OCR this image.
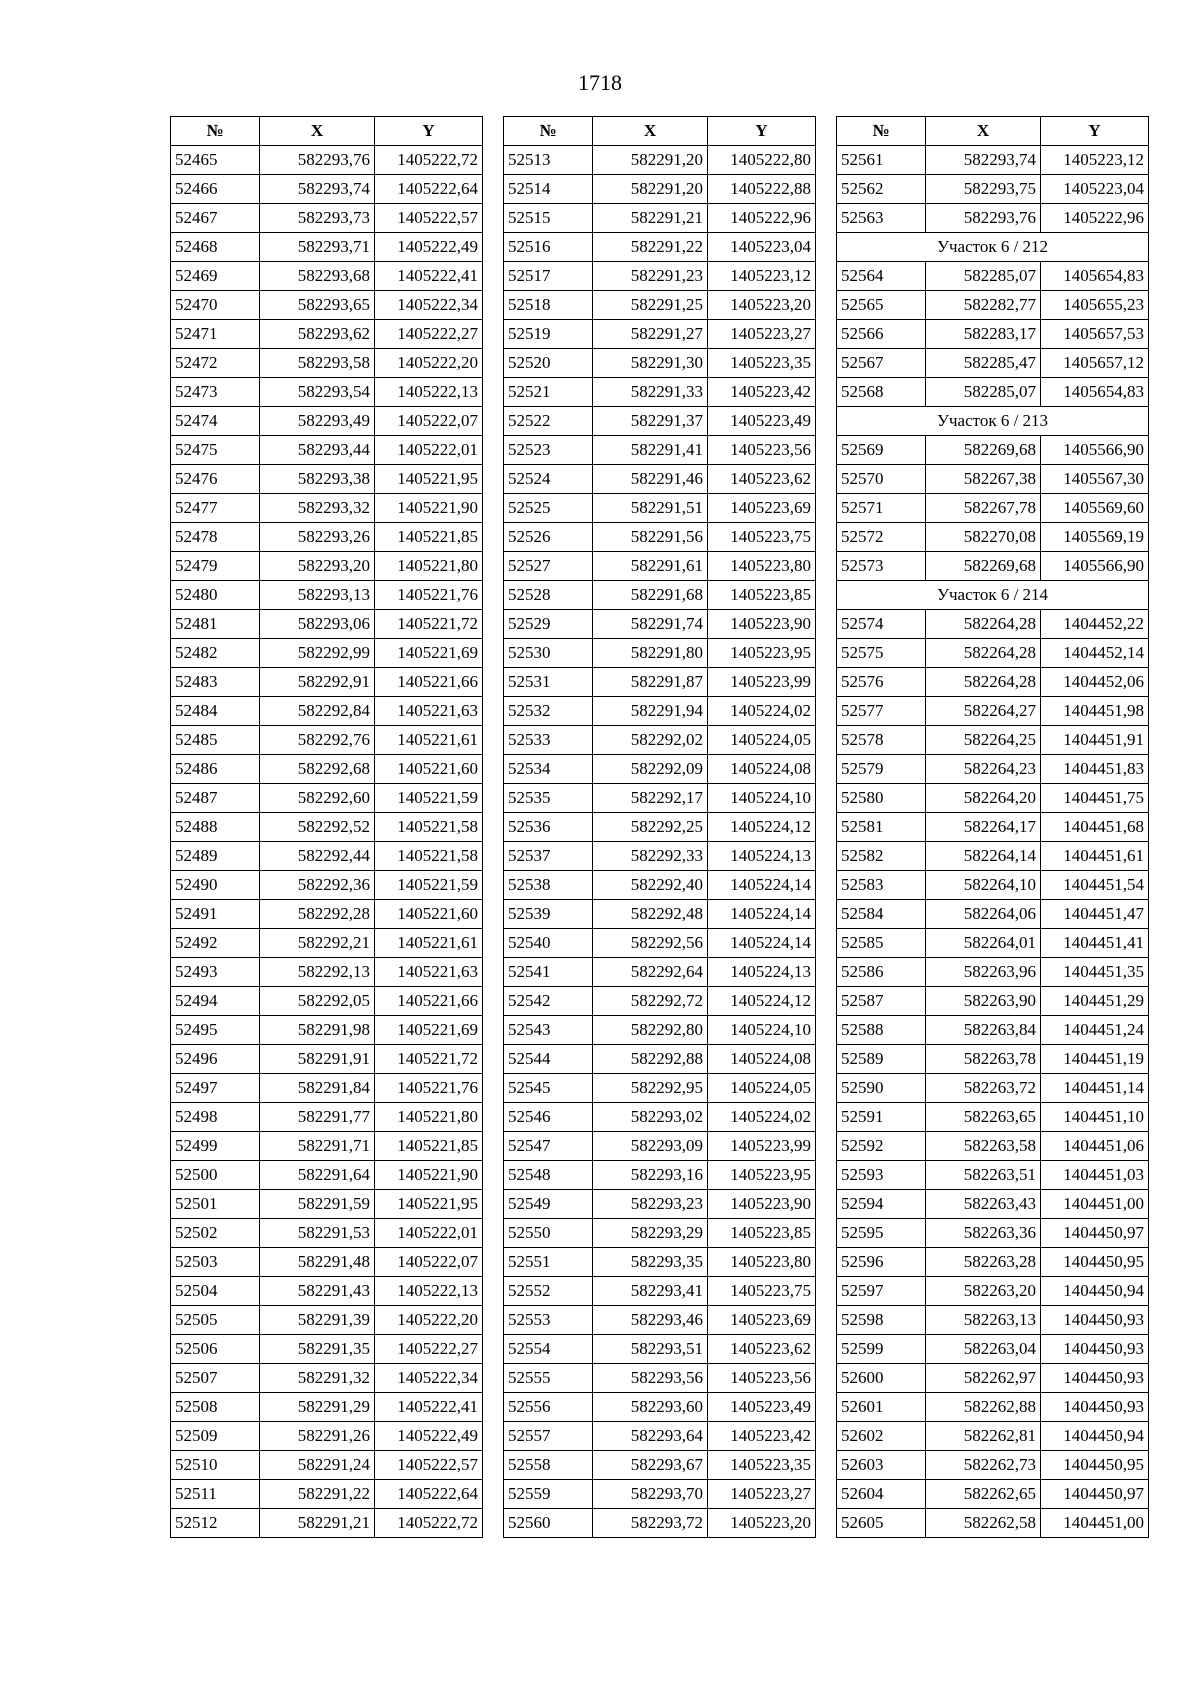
1718
№	X	Y
52465	582293,76	1405222,72
52466	582293,74	1405222,64
52467	582293,73	1405222,57
52468	582293,71	1405222,49
52469	582293,68	1405222,41
52470	582293,65	1405222,34
52471	582293,62	1405222,27
52472	582293,58	1405222,20
52473	582293,54	1405222,13
52474	582293,49	1405222,07
52475	582293,44	1405222,01
52476	582293,38	1405221,95
52477	582293,32	1405221,90
52478	582293,26	1405221,85
52479	582293,20	1405221,80
52480	582293,13	1405221,76
52481	582293,06	1405221,72
52482	582292,99	1405221,69
52483	582292,91	1405221,66
52484	582292,84	1405221,63
52485	582292,76	1405221,61
52486	582292,68	1405221,60
52487	582292,60	1405221,59
52488	582292,52	1405221,58
52489	582292,44	1405221,58
52490	582292,36	1405221,59
52491	582292,28	1405221,60
52492	582292,21	1405221,61
52493	582292,13	1405221,63
52494	582292,05	1405221,66
52495	582291,98	1405221,69
52496	582291,91	1405221,72
52497	582291,84	1405221,76
52498	582291,77	1405221,80
52499	582291,71	1405221,85
52500	582291,64	1405221,90
52501	582291,59	1405221,95
52502	582291,53	1405222,01
52503	582291,48	1405222,07
52504	582291,43	1405222,13
52505	582291,39	1405222,20
52506	582291,35	1405222,27
52507	582291,32	1405222,34
52508	582291,29	1405222,41
52509	582291,26	1405222,49
52510	582291,24	1405222,57
52511	582291,22	1405222,64
52512	582291,21	1405222,72
№	X	Y
52513	582291,20	1405222,80
52514	582291,20	1405222,88
52515	582291,21	1405222,96
52516	582291,22	1405223,04
52517	582291,23	1405223,12
52518	582291,25	1405223,20
52519	582291,27	1405223,27
52520	582291,30	1405223,35
52521	582291,33	1405223,42
52522	582291,37	1405223,49
52523	582291,41	1405223,56
52524	582291,46	1405223,62
52525	582291,51	1405223,69
52526	582291,56	1405223,75
52527	582291,61	1405223,80
52528	582291,68	1405223,85
52529	582291,74	1405223,90
52530	582291,80	1405223,95
52531	582291,87	1405223,99
52532	582291,94	1405224,02
52533	582292,02	1405224,05
52534	582292,09	1405224,08
52535	582292,17	1405224,10
52536	582292,25	1405224,12
52537	582292,33	1405224,13
52538	582292,40	1405224,14
52539	582292,48	1405224,14
52540	582292,56	1405224,14
52541	582292,64	1405224,13
52542	582292,72	1405224,12
52543	582292,80	1405224,10
52544	582292,88	1405224,08
52545	582292,95	1405224,05
52546	582293,02	1405224,02
52547	582293,09	1405223,99
52548	582293,16	1405223,95
52549	582293,23	1405223,90
52550	582293,29	1405223,85
52551	582293,35	1405223,80
52552	582293,41	1405223,75
52553	582293,46	1405223,69
52554	582293,51	1405223,62
52555	582293,56	1405223,56
52556	582293,60	1405223,49
52557	582293,64	1405223,42
52558	582293,67	1405223,35
52559	582293,70	1405223,27
52560	582293,72	1405223,20
№	X	Y
52561	582293,74	1405223,12
52562	582293,75	1405223,04
52563	582293,76	1405222,96
Участок 6 / 212		
52564	582285,07	1405654,83
52565	582282,77	1405655,23
52566	582283,17	1405657,53
52567	582285,47	1405657,12
52568	582285,07	1405654,83
Участок 6 / 213		
52569	582269,68	1405566,90
52570	582267,38	1405567,30
52571	582267,78	1405569,60
52572	582270,08	1405569,19
52573	582269,68	1405566,90
Участок 6 / 214		
52574	582264,28	1404452,22
52575	582264,28	1404452,14
52576	582264,28	1404452,06
52577	582264,27	1404451,98
52578	582264,25	1404451,91
52579	582264,23	1404451,83
52580	582264,20	1404451,75
52581	582264,17	1404451,68
52582	582264,14	1404451,61
52583	582264,10	1404451,54
52584	582264,06	1404451,47
52585	582264,01	1404451,41
52586	582263,96	1404451,35
52587	582263,90	1404451,29
52588	582263,84	1404451,24
52589	582263,78	1404451,19
52590	582263,72	1404451,14
52591	582263,65	1404451,10
52592	582263,58	1404451,06
52593	582263,51	1404451,03
52594	582263,43	1404451,00
52595	582263,36	1404450,97
52596	582263,28	1404450,95
52597	582263,20	1404450,94
52598	582263,13	1404450,93
52599	582263,04	1404450,93
52600	582262,97	1404450,93
52601	582262,88	1404450,93
52602	582262,81	1404450,94
52603	582262,73	1404450,95
52604	582262,65	1404450,97
52605	582262,58	1404451,00
